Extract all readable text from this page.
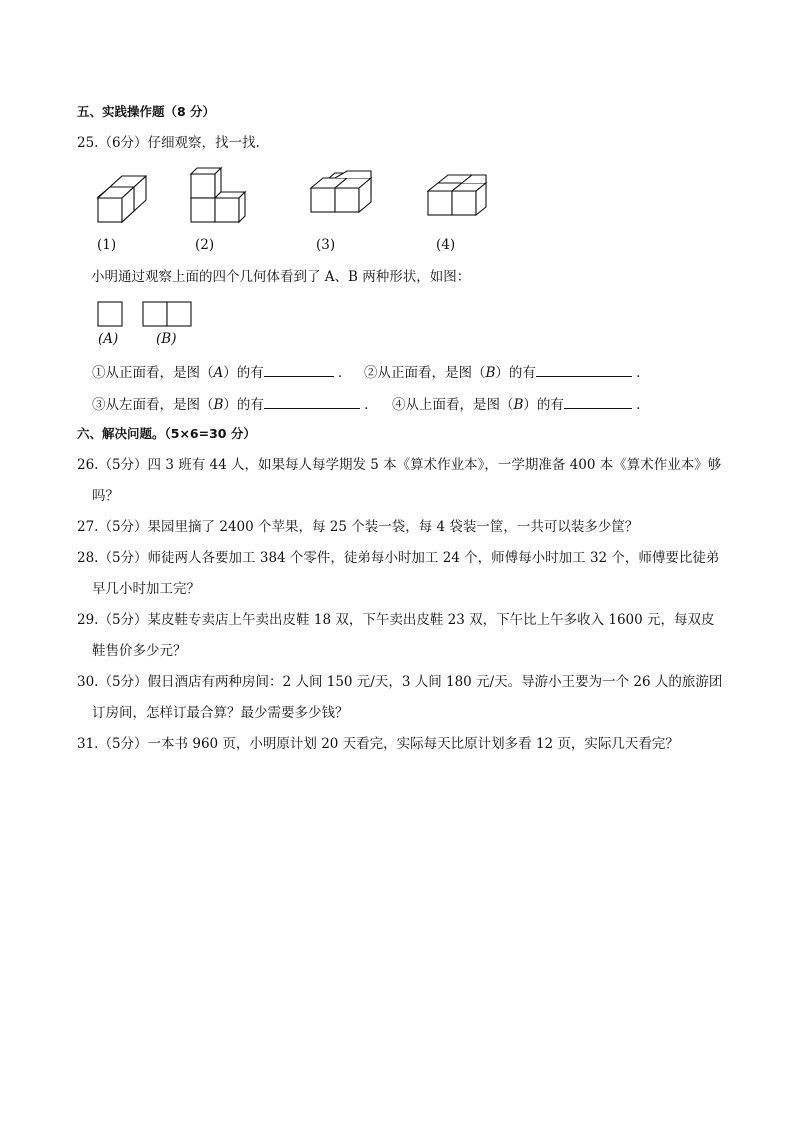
五、实践操作题（8 分）
25.（6分）仔细观察，找一找.
(1)	(2)	(3)	(4)
小明通过观察上面的四个几何体看到了 A、B 两种形状，如图：
(A)	(B)
①从正面看，是图（A）的有	． ②从正面看，是图（B）的有	．
③从左面看，是图（B）的有	． ④从上面看，是图（B）的有	．
六、解决问题。（5×6=30 分）
26.（5分）四 3 班有 44 人，如果每人每学期发 5 本《算术作业本》，一学期准备 400 本《算术作业本》够
吗？
27.（5分）果园里摘了 2400 个苹果，每 25 个装一袋，每 4 袋装一筐，一共可以装多少筐？
28.（5分）师徒两人各要加工 384 个零件，徒弟每小时加工 24 个，师傅每小时加工 32 个，师傅要比徒弟
早几小时加工完？
29.（5分）某皮鞋专卖店上午卖出皮鞋 18 双，下午卖出皮鞋 23 双，下午比上午多收入 1600 元，每双皮
鞋售价多少元？
30.（5分）假日酒店有两种房间：2 人间 150 元/天，3 人间 180 元/天。导游小王要为一个 26 人的旅游团
订房间，怎样订最合算？最少需要多少钱？
31.（5分）一本书 960 页，小明原计划 20 天看完，实际每天比原计划多看 12 页，实际几天看完？
